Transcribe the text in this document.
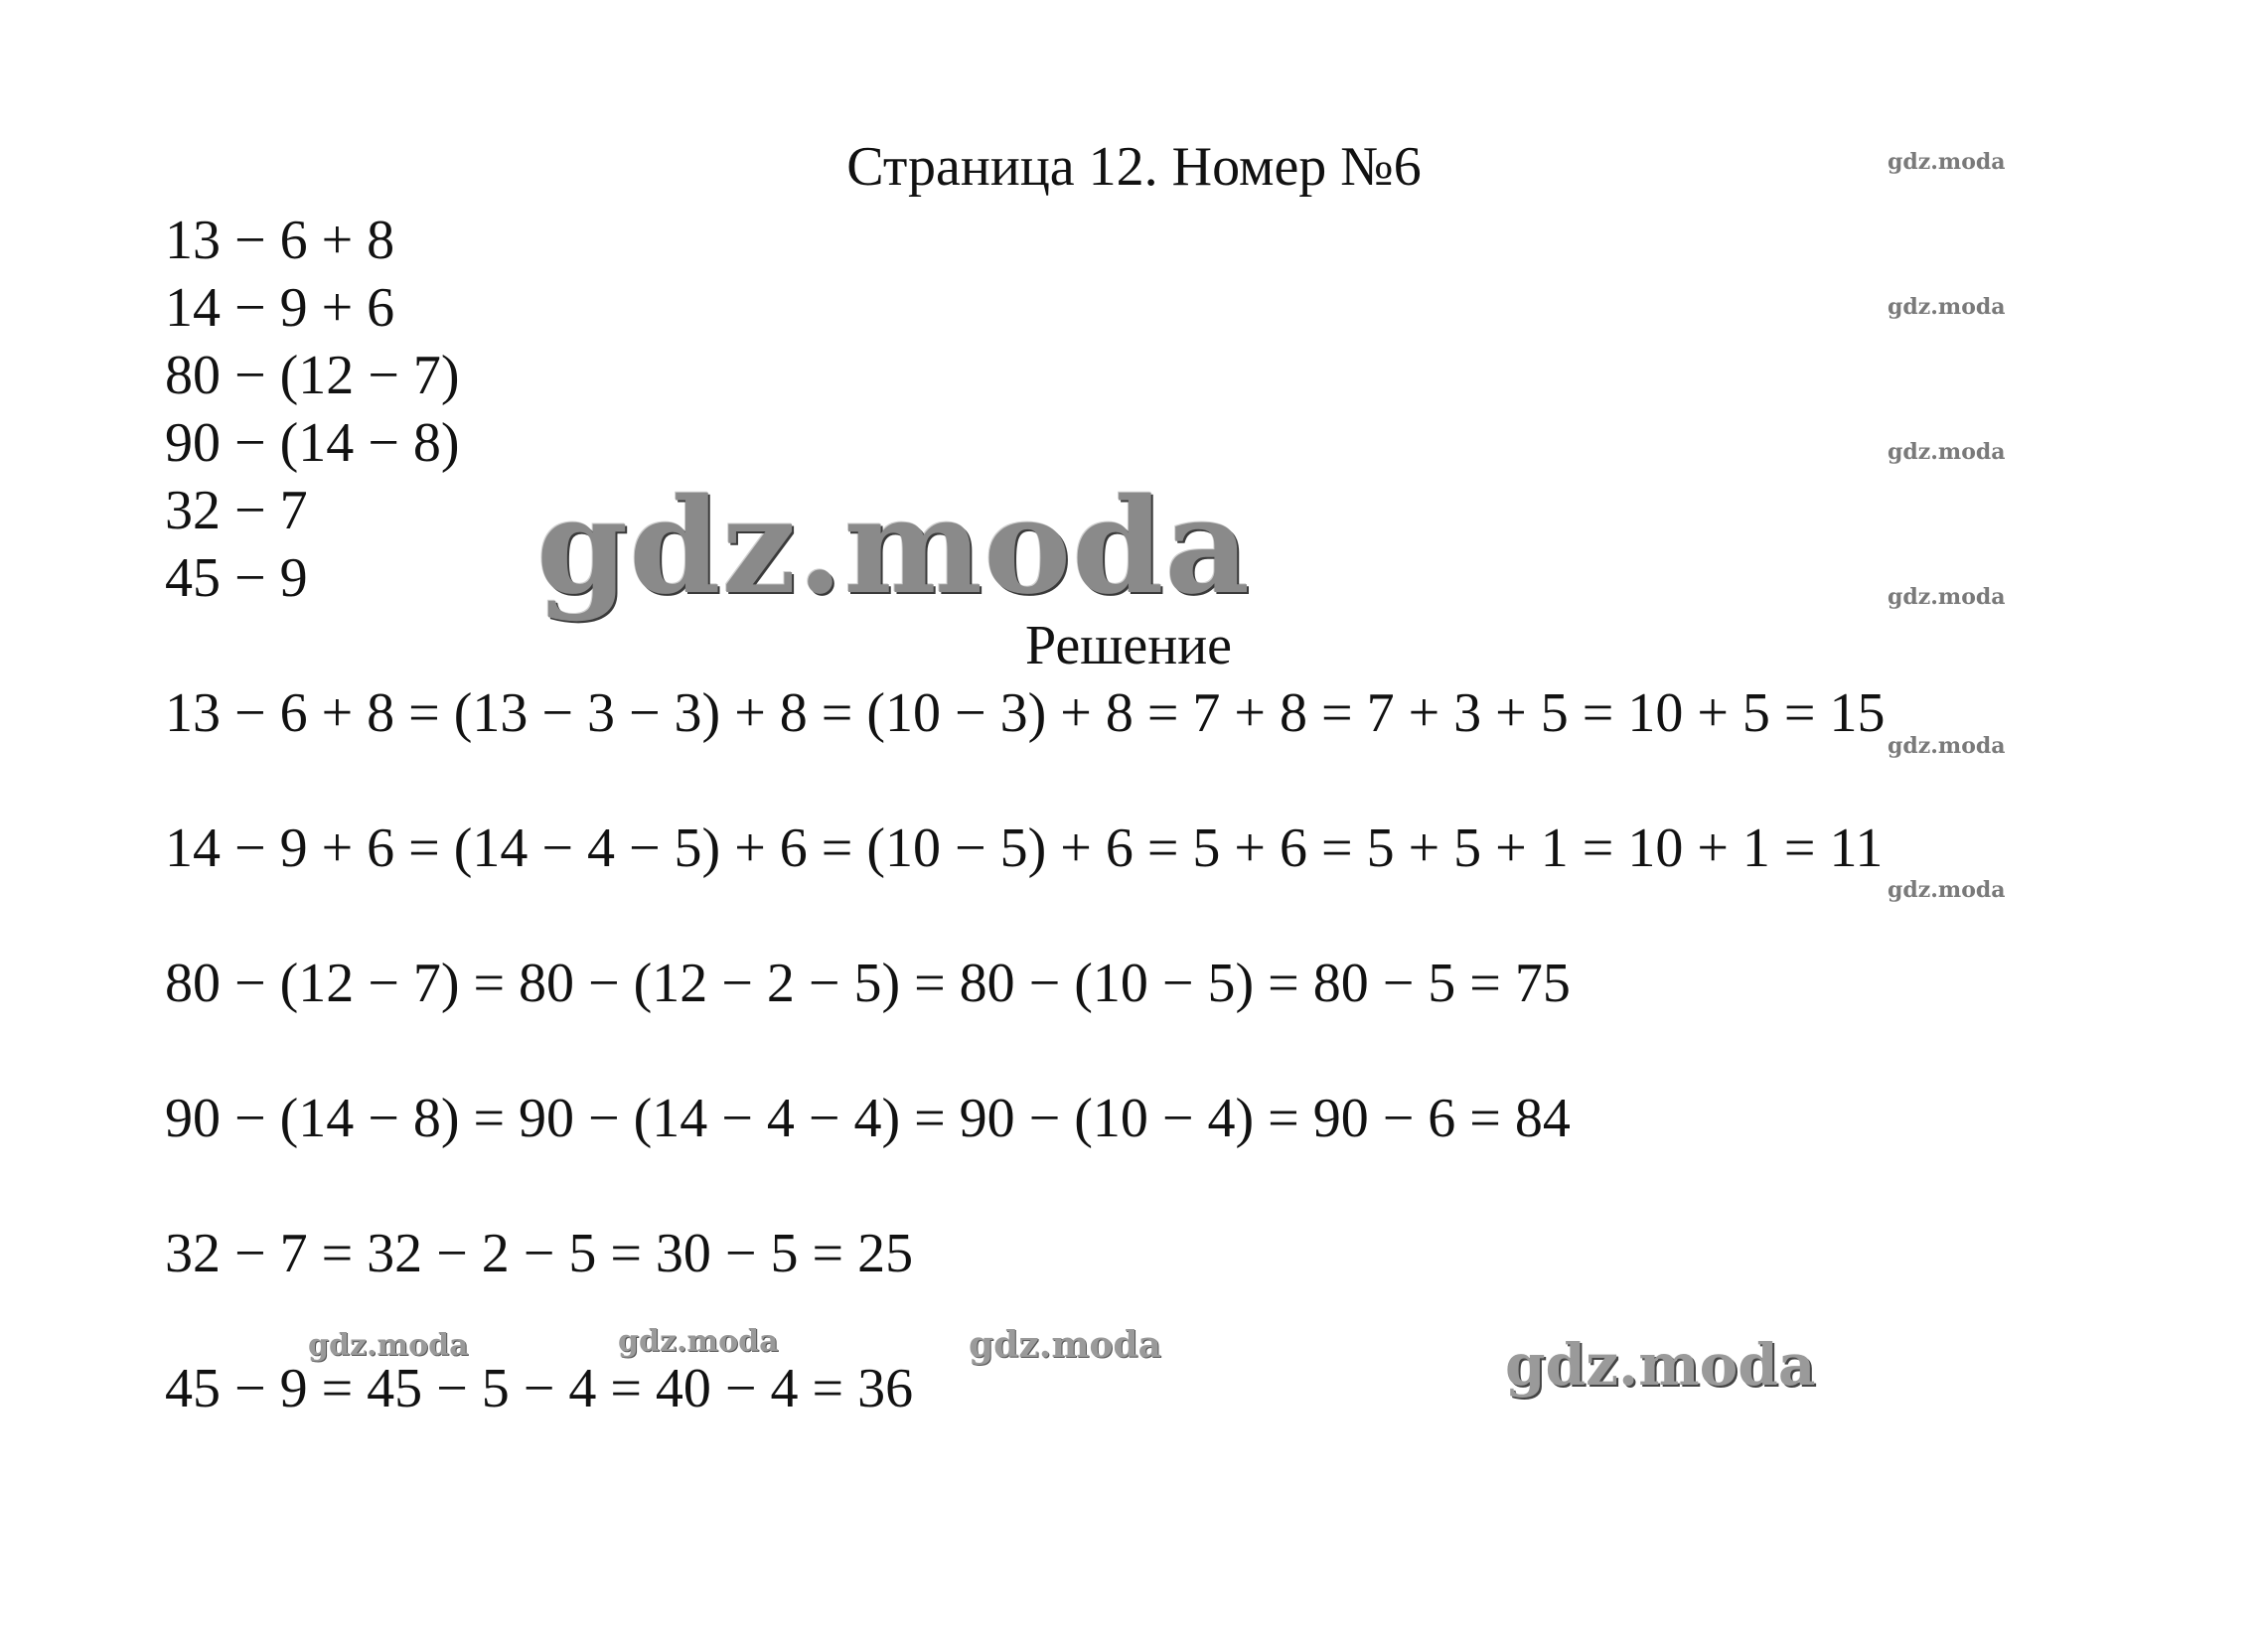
Страница 12. Номер №6
13 − 6 + 8
14 − 9 + 6
80 − (12 − 7)
90 − (14 − 8)
32 − 7
45 − 9
Решение
13 − 6 + 8 = (13 − 3 − 3) + 8 = (10 − 3) + 8 = 7 + 8 = 7 + 3 + 5 = 10 + 5 = 15
14 − 9 + 6 = (14 − 4 − 5) + 6 = (10 − 5) + 6 = 5 + 6 = 5 + 5 + 1 = 10 + 1 = 11
80 − (12 − 7) = 80 − (12 − 2 − 5) = 80 − (10 − 5) = 80 − 5 = 75
90 − (14 − 8) = 90 − (14 − 4 − 4) = 90 − (10 − 4) = 90 − 6 = 84
32 − 7 = 32 − 2 − 5 = 30 − 5 = 25
45 − 9 = 45 − 5 − 4 = 40 − 4 = 36
gdz.moda
gdz.moda
gdz.moda
gdz.moda
gdz.moda
gdz.moda
gdz.moda
gdz.moda	gdz.moda	gdz.moda	gdz.moda
